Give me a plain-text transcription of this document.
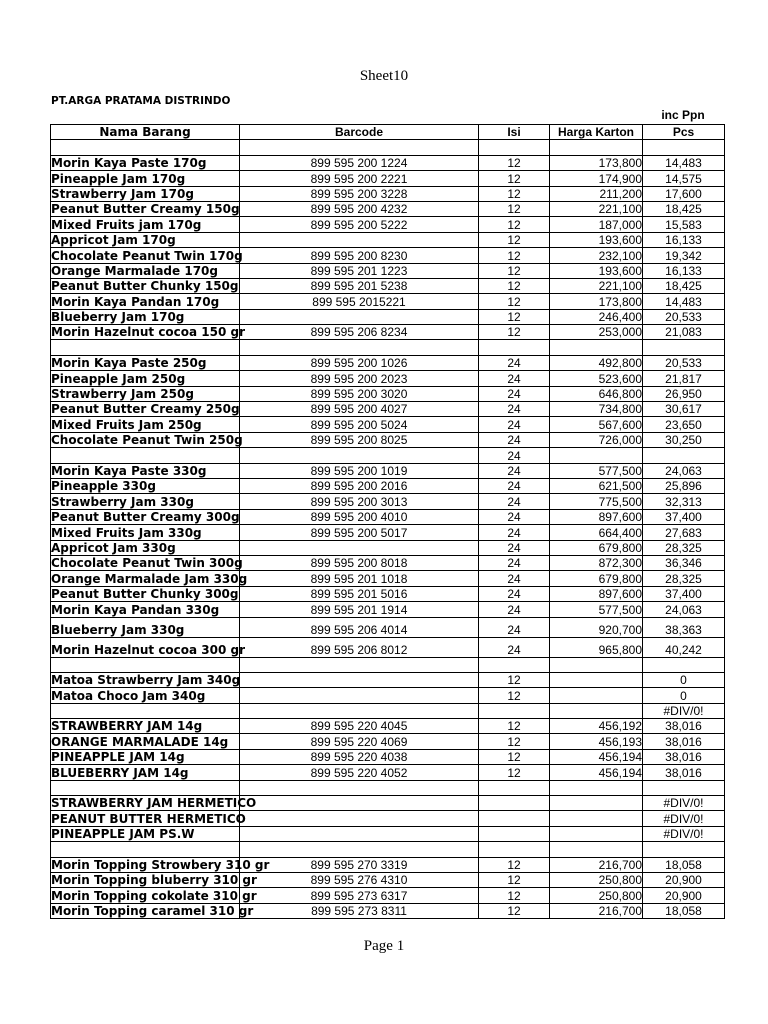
Sheet10
PT.ARGA PRATAMA DISTRINDO
inc Ppn
Nama Barang	Barcode	Isi	Harga Karton	Pcs

Morin Kaya Paste 170g	899 595 200 1224	12	173,800	14,483
Pineapple Jam 170g	899 595 200 2221	12	174,900	14,575
Strawberry Jam 170g	899 595 200 3228	12	211,200	17,600
Peanut Butter Creamy 150g	899 595 200 4232	12	221,100	18,425
Mixed Fruits jam 170g	899 595 200 5222	12	187,000	15,583
Appricot Jam 170g		12	193,600	16,133
Chocolate Peanut Twin 170g	899 595 200 8230	12	232,100	19,342
Orange Marmalade 170g	899 595 201 1223	12	193,600	16,133
Peanut Butter Chunky 150g	899 595 201 5238	12	221,100	18,425
Morin Kaya Pandan 170g	899 595 2015221	12	173,800	14,483
Blueberry Jam 170g		12	246,400	20,533
Morin Hazelnut cocoa 150 gr	899 595 206 8234	12	253,000	21,083

Morin Kaya Paste 250g	899 595 200 1026	24	492,800	20,533
Pineapple Jam 250g	899 595 200 2023	24	523,600	21,817
Strawberry Jam 250g	899 595 200 3020	24	646,800	26,950
Peanut Butter Creamy 250g	899 595 200 4027	24	734,800	30,617
Mixed Fruits Jam 250g	899 595 200 5024	24	567,600	23,650
Chocolate Peanut Twin 250g	899 595 200 8025	24	726,000	30,250
		24		
Morin Kaya Paste 330g	899 595 200 1019	24	577,500	24,063
Pineapple 330g	899 595 200 2016	24	621,500	25,896
Strawberry Jam 330g	899 595 200 3013	24	775,500	32,313
Peanut Butter Creamy 300g	899 595 200 4010	24	897,600	37,400
Mixed Fruits Jam 330g	899 595 200 5017	24	664,400	27,683
Appricot Jam 330g		24	679,800	28,325
Chocolate Peanut Twin 300g	899 595 200 8018	24	872,300	36,346
Orange Marmalade Jam 330g	899 595 201 1018	24	679,800	28,325
Peanut Butter Chunky 300g	899 595 201 5016	24	897,600	37,400
Morin Kaya Pandan 330g	899 595 201 1914	24	577,500	24,063
Blueberry Jam 330g	899 595 206 4014	24	920,700	38,363
Morin Hazelnut cocoa 300 gr	899 595 206 8012	24	965,800	40,242

Matoa Strawberry Jam 340g		12		0
Matoa Choco Jam 340g		12		0
				#DIV/0!
STRAWBERRY JAM 14g	899 595 220 4045	12	456,192	38,016
ORANGE MARMALADE 14g	899 595 220 4069	12	456,193	38,016
PINEAPPLE JAM 14g	899 595 220 4038	12	456,194	38,016
BLUEBERRY JAM 14g	899 595 220 4052	12	456,194	38,016

STRAWBERRY JAM HERMETICO				#DIV/0!
PEANUT BUTTER HERMETICO				#DIV/0!
PINEAPPLE JAM PS.W				#DIV/0!

Morin Topping Strowbery 310 gr	899 595 270 3319	12	216,700	18,058
Morin Topping bluberry 310 gr	899 595 276 4310	12	250,800	20,900
Morin Topping cokolate 310 gr	899 595 273 6317	12	250,800	20,900
Morin Topping caramel 310 gr	899 595 273 8311	12	216,700	18,058
Page 1
